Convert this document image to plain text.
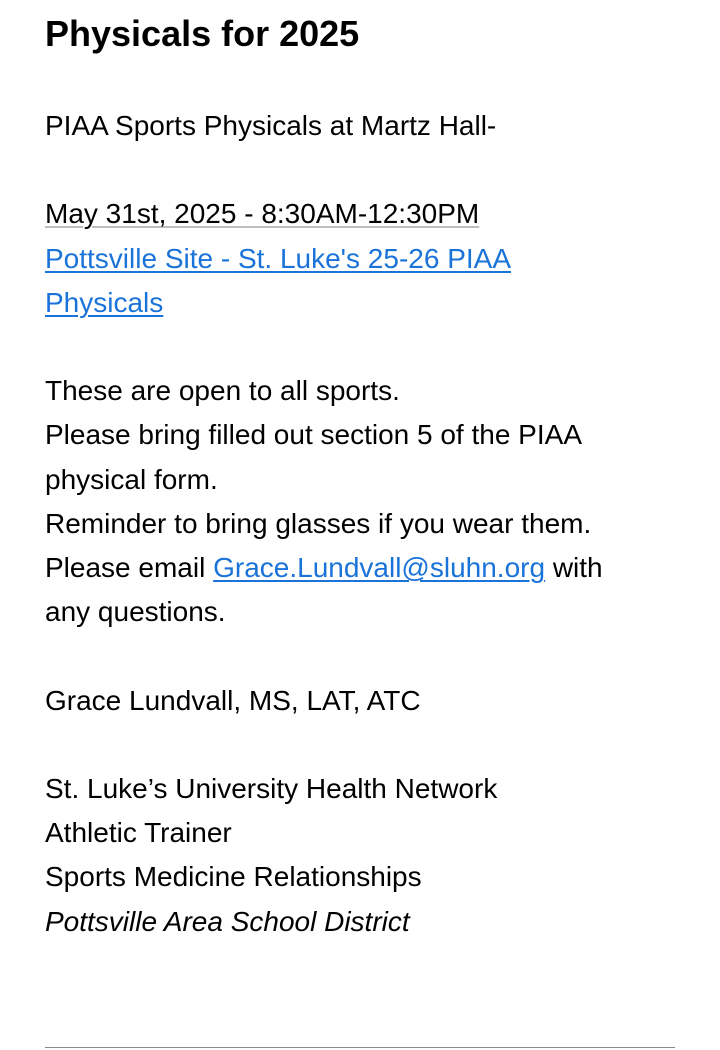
Physicals for 2025
PIAA Sports Physicals at Martz Hall-
May 31st, 2025 - 8:30AM-12:30PM
Pottsville Site - St. Luke's 25-26 PIAA
Physicals
These are open to all sports.
Please bring filled out section 5 of the PIAA
physical form.
Reminder to bring glasses if you wear them.
Please email Grace.Lundvall@sluhn.org with
any questions.
Grace Lundvall, MS, LAT, ATC
St. Luke’s University Health Network
Athletic Trainer
Sports Medicine Relationships
Pottsville Area School District
